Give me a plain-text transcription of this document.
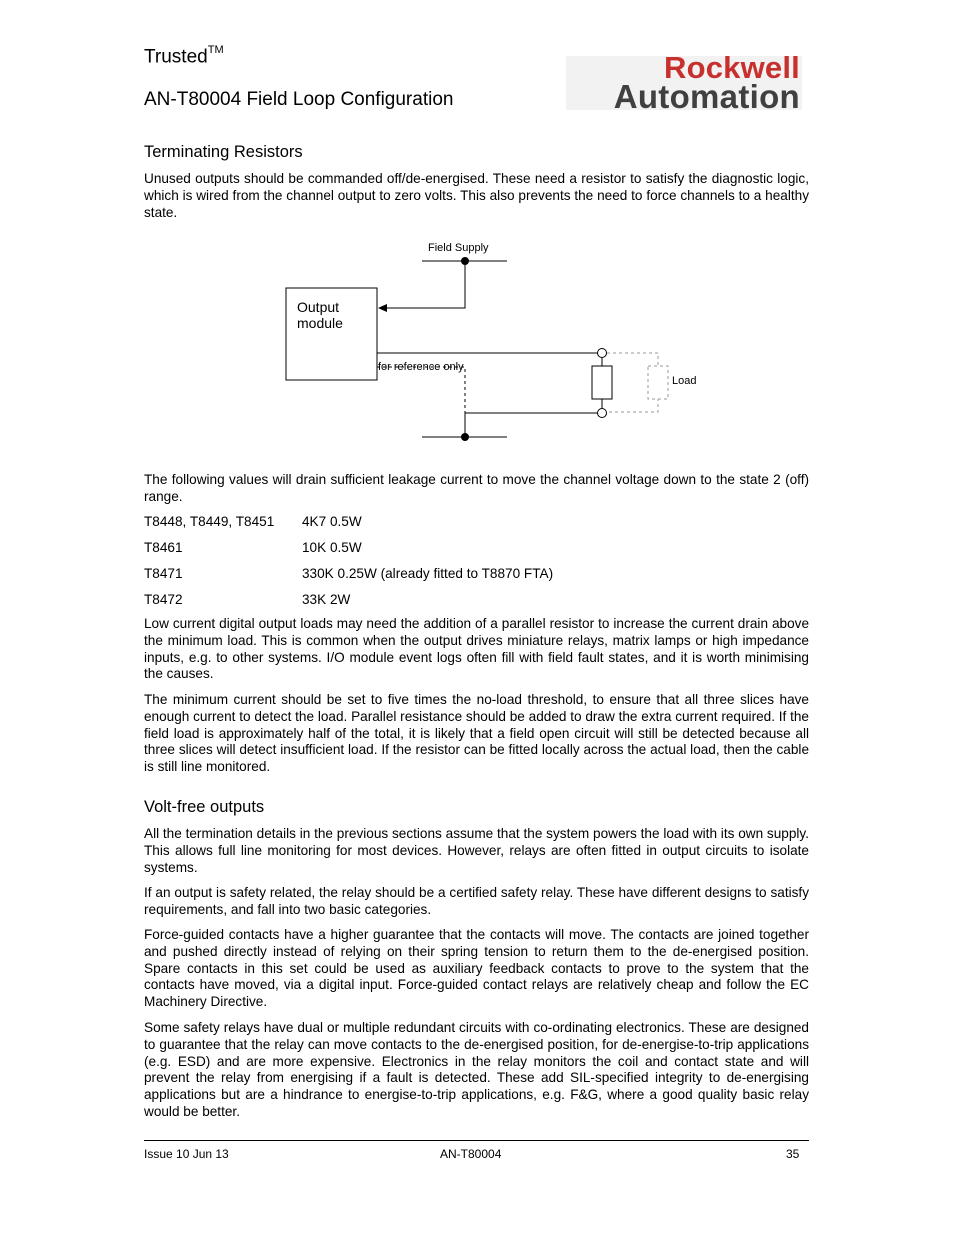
Trusted™
AN-T80004 Field Loop Configuration
Rockwell
Automation
Terminating Resistors

Unused outputs should be commanded off/de-energised. These need a resistor to satisfy the diagnostic logic, which is wired from the channel output to zero volts. This also prevents the need to force channels to a healthy state.

Field Supply
Output module
for reference only
Load

The following values will drain sufficient leakage current to move the channel voltage down to the state 2 (off) range.

T8448, T8449, T8451 4K7 0.5W
T8461	10K 0.5W
T8471	330K 0.25W (already fitted to T8870 FTA)
T8472	33K 2W

Low current digital output loads may need the addition of a parallel resistor to increase the current drain above the minimum load. This is common when the output drives miniature relays, matrix lamps or high impedance inputs, e.g. to other systems. I/O module event logs often fill with field fault states, and it is worth minimising the causes.

The minimum current should be set to five times the no-load threshold, to ensure that all three slices have enough current to detect the load. Parallel resistance should be added to draw the extra current required. If the field load is approximately half of the total, it is likely that a field open circuit will still be detected because all three slices will detect insufficient load. If the resistor can be fitted locally across the actual load, then the cable is still line monitored.

Volt-free outputs

All the termination details in the previous sections assume that the system powers the load with its own supply. This allows full line monitoring for most devices. However, relays are often fitted in output circuits to isolate systems.

If an output is safety related, the relay should be a certified safety relay. These have different designs to satisfy requirements, and fall into two basic categories.

Force-guided contacts have a higher guarantee that the contacts will move. The contacts are joined together and pushed directly instead of relying on their spring tension to return them to the de-energised position. Spare contacts in this set could be used as auxiliary feedback contacts to prove to the system that the contacts have moved, via a digital input. Force-guided contact relays are relatively cheap and follow the EC Machinery Directive.

Some safety relays have dual or multiple redundant circuits with co-ordinating electronics. These are designed to guarantee that the relay can move contacts to the de-energised position, for de-energise-to-trip applications (e.g. ESD) and are more expensive. Electronics in the relay monitors the coil and contact state and will prevent the relay from energising if a fault is detected. These add SIL-specified integrity to de-energising applications but are a hindrance to energise-to-trip applications, e.g. F&G, where a good quality basic relay would be better.

Issue 10 Jun 13	AN-T80004	35
